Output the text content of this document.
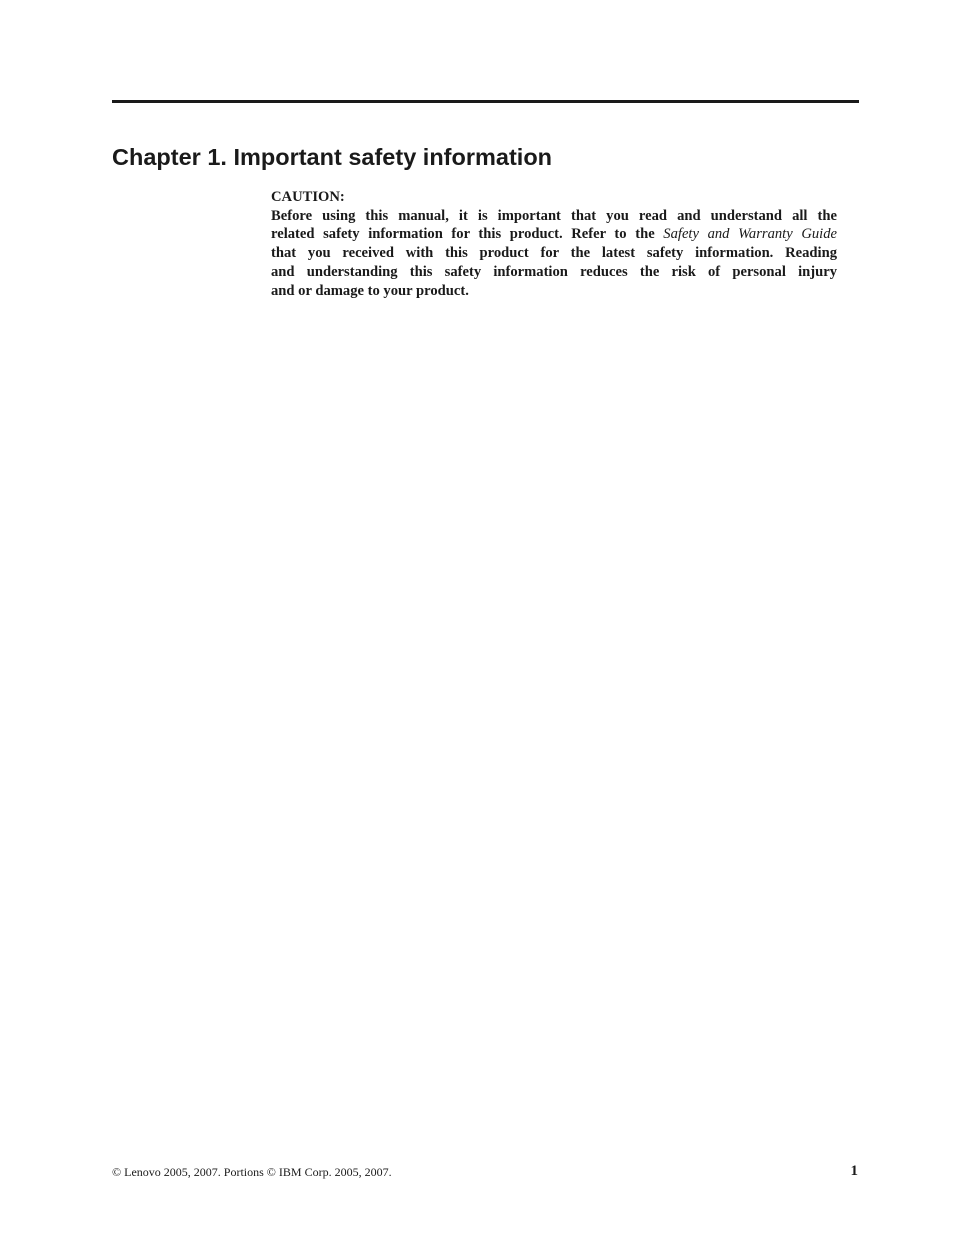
Chapter 1. Important safety information
CAUTION:
Before using this manual, it is important that you read and understand all the
related safety information for this product. Refer to the Safety and Warranty Guide
that you received with this product for the latest safety information. Reading
and understanding this safety information reduces the risk of personal injury
and or damage to your product.
© Lenovo 2005, 2007. Portions © IBM Corp. 2005, 2007.	1
